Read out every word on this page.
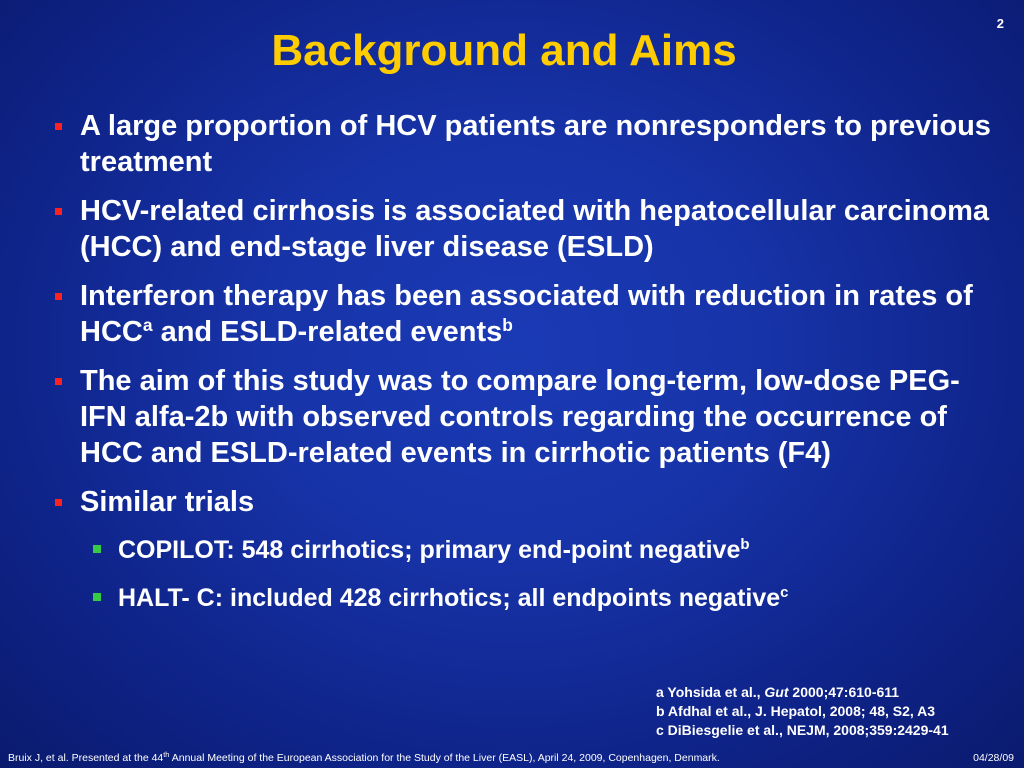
2
Background and Aims
A large proportion of HCV patients are nonresponders to previous treatment
HCV-related cirrhosis is associated with hepatocellular carcinoma (HCC) and end-stage liver disease (ESLD)
Interferon therapy has been associated with reduction in rates of HCC$^a$ and ESLD-related events$^b$
The aim of this study was to compare long-term, low-dose PEG-IFN alfa-2b with observed controls regarding the occurrence of HCC and ESLD-related events in cirrhotic patients (F4)
Similar trials
COPILOT: 548 cirrhotics; primary end-point negative$^b$
HALT- C: included 428 cirrhotics; all endpoints negative$^c$
a Yohsida et al., Gut 2000;47:610-611
b Afdhal et al., J. Hepatol, 2008; 48, S2, A3
c DiBiesgelie et al., NEJM, 2008;359:2429-41
Bruix J, et al. Presented at the 44th Annual Meeting of the European Association for the Study of the Liver (EASL), April 24, 2009, Copenhagen, Denmark.	04/28/09
